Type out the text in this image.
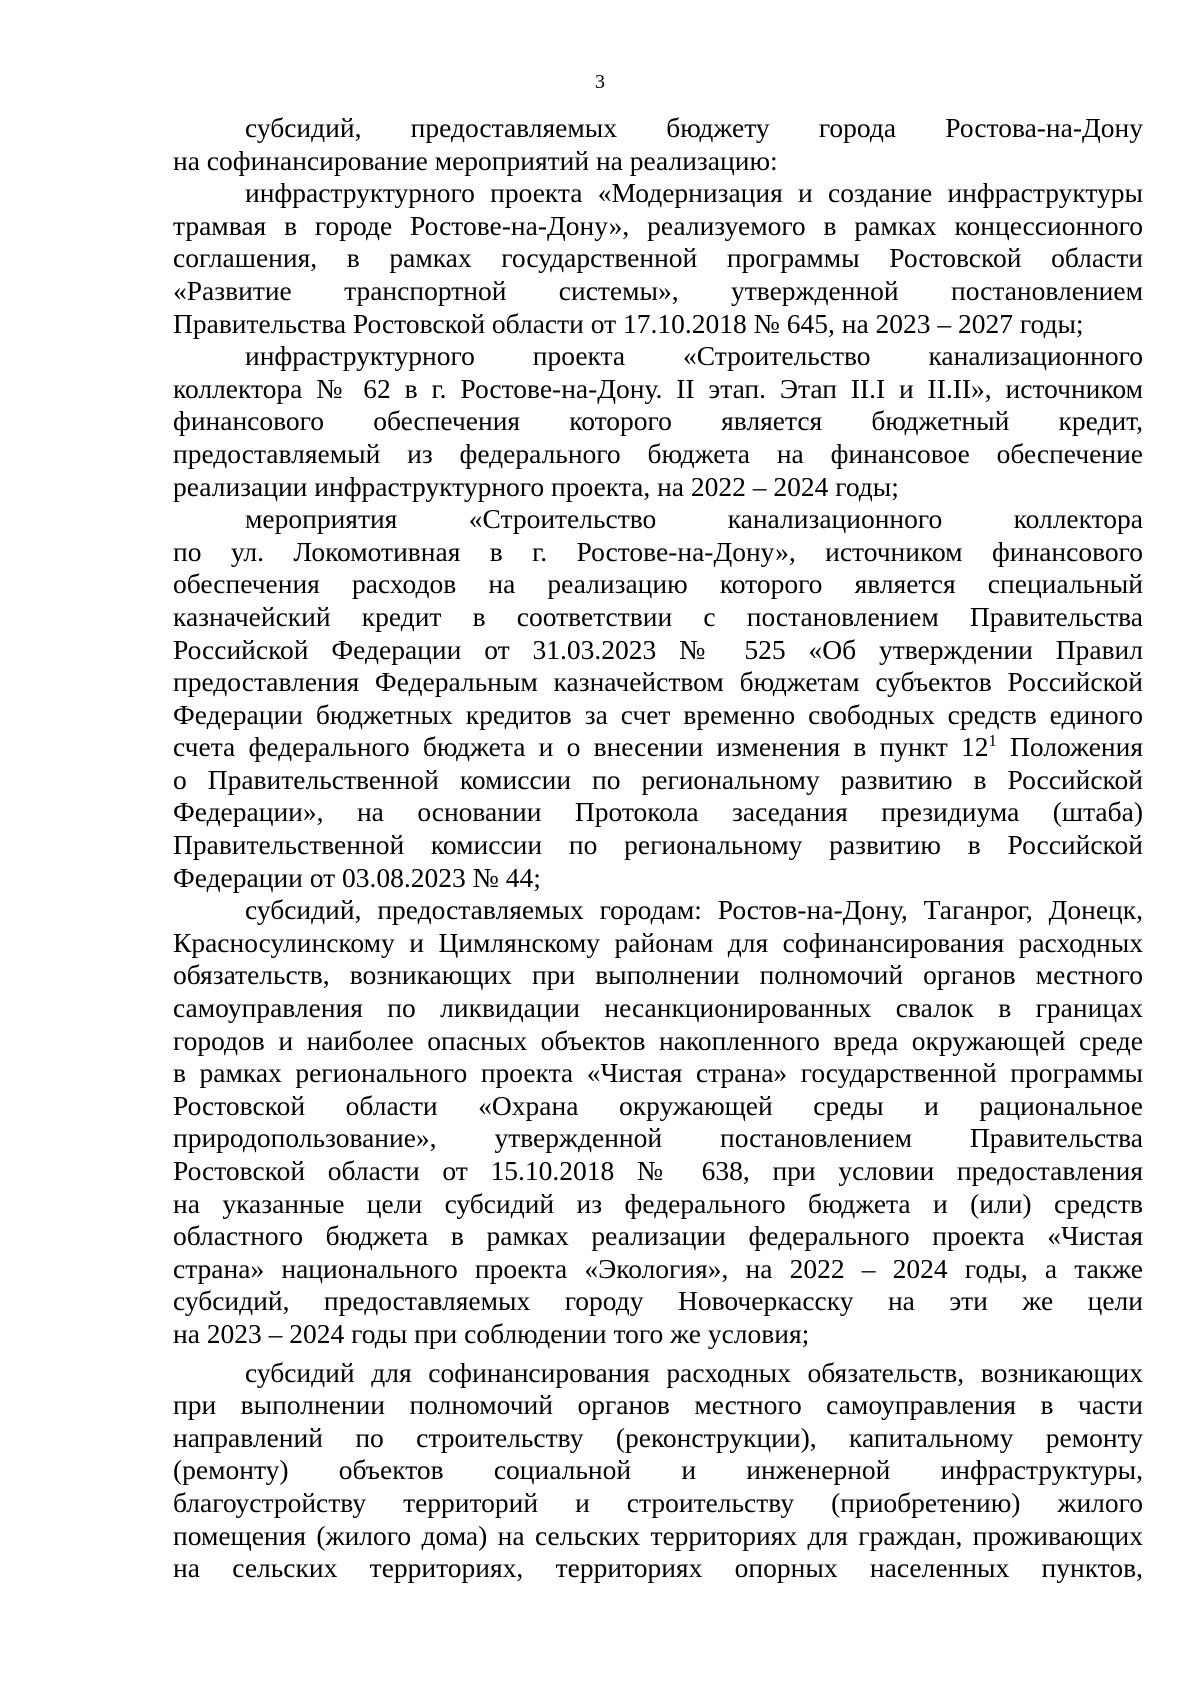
3
субсидий, предоставляемых бюджету города Ростова-на-Дону
на софинансирование мероприятий на реализацию:
инфраструктурного проекта «Модернизация и создание инфраструктуры
трамвая в городе Ростове-на-Дону», реализуемого в рамках концессионного
соглашения, в рамках государственной программы Ростовской области
«Развитие транспортной системы», утвержденной постановлением
Правительства Ростовской области от 17.10.2018 № 645, на 2023 – 2027 годы;
инфраструктурного проекта «Строительство канализационного
коллектора № 62 в г. Ростове-на-Дону. II этап. Этап II.I и II.II», источником
финансового обеспечения которого является бюджетный кредит,
предоставляемый из федерального бюджета на финансовое обеспечение
реализации инфраструктурного проекта, на 2022 – 2024 годы;
мероприятия «Строительство канализационного коллектора
по ул. Локомотивная в г. Ростове-на-Дону», источником финансового
обеспечения расходов на реализацию которого является специальный
казначейский кредит в соответствии с постановлением Правительства
Российской Федерации от 31.03.2023 № 525 «Об утверждении Правил
предоставления Федеральным казначейством бюджетам субъектов Российской
Федерации бюджетных кредитов за счет временно свободных средств единого
счета федерального бюджета и о внесении изменения в пункт $12^1$ Положения
о Правительственной комиссии по региональному развитию в Российской
Федерации», на основании Протокола заседания президиума (штаба)
Правительственной комиссии по региональному развитию в Российской
Федерации от 03.08.2023 № 44;
субсидий, предоставляемых городам: Ростов-на-Дону, Таганрог, Донецк,
Красносулинскому и Цимлянскому районам для софинансирования расходных
обязательств, возникающих при выполнении полномочий органов местного
самоуправления по ликвидации несанкционированных свалок в границах
городов и наиболее опасных объектов накопленного вреда окружающей среде
в рамках регионального проекта «Чистая страна» государственной программы
Ростовской области «Охрана окружающей среды и рациональное
природопользование», утвержденной постановлением Правительства
Ростовской области от 15.10.2018 № 638, при условии предоставления
на указанные цели субсидий из федерального бюджета и (или) средств
областного бюджета в рамках реализации федерального проекта «Чистая
страна» национального проекта «Экология», на 2022 – 2024 годы, а также
субсидий, предоставляемых городу Новочеркасску на эти же цели
на 2023 – 2024 годы при соблюдении того же условия;
субсидий для софинансирования расходных обязательств, возникающих
при выполнении полномочий органов местного самоуправления в части
направлений по строительству (реконструкции), капитальному ремонту
(ремонту) объектов социальной и инженерной инфраструктуры,
благоустройству территорий и строительству (приобретению) жилого
помещения (жилого дома) на сельских территориях для граждан, проживающих
на сельских территориях, территориях опорных населенных пунктов,
